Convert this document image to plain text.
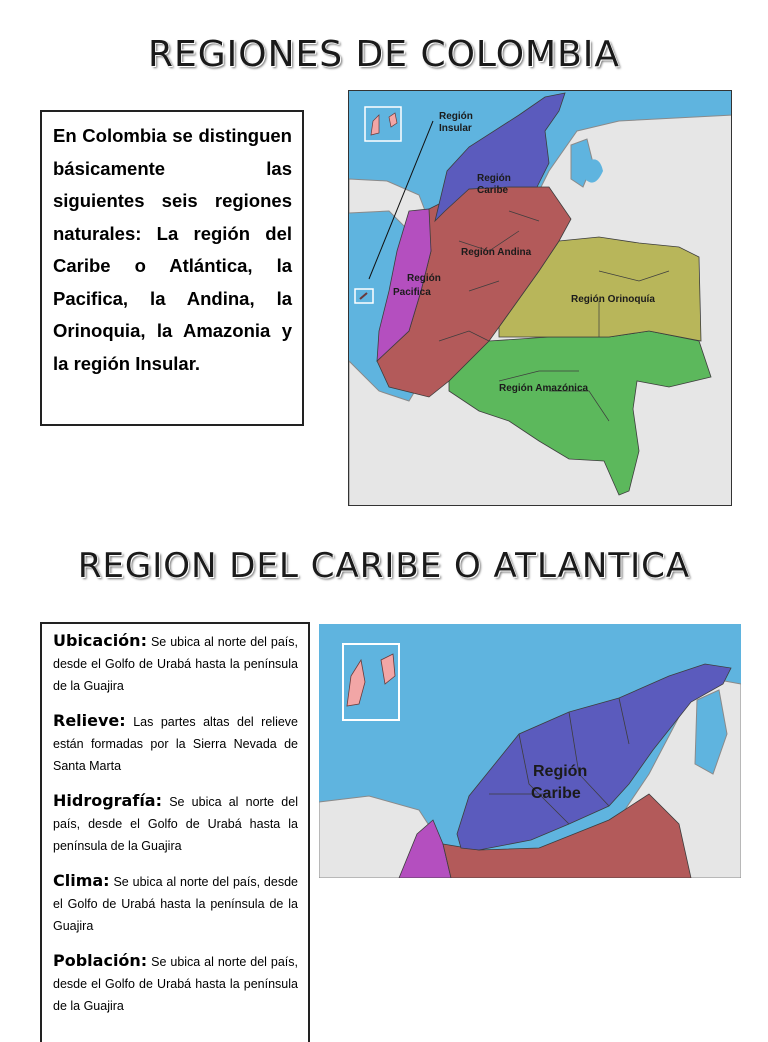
REGIONES DE COLOMBIA

En Colombia se distinguen básicamente las siguientes seis regiones naturales: La región del Caribe o Atlántica, la Pacifica, la Andina, la Orinoquia, la Amazonia y la región Insular.

Región
Insular
Región
Caribe
Región Andina
Región
Pacifica
Región Orinoquía
Región Amazónica
REGION DEL CARIBE O ATLANTICA

Ubicación: Se ubica al norte del país, desde el Golfo de Urabá hasta la península de la Guajira

Relieve: Las partes altas del relieve están formadas por la Sierra Nevada de Santa Marta

Hidrografía: Se ubica al norte del país, desde el Golfo de Urabá hasta la península de la Guajira

Clima: Se ubica al norte del país, desde el Golfo de Urabá hasta la península de la Guajira

Población: Se ubica al norte del país, desde el Golfo de Urabá hasta la península de la Guajira

Región
Caribe
